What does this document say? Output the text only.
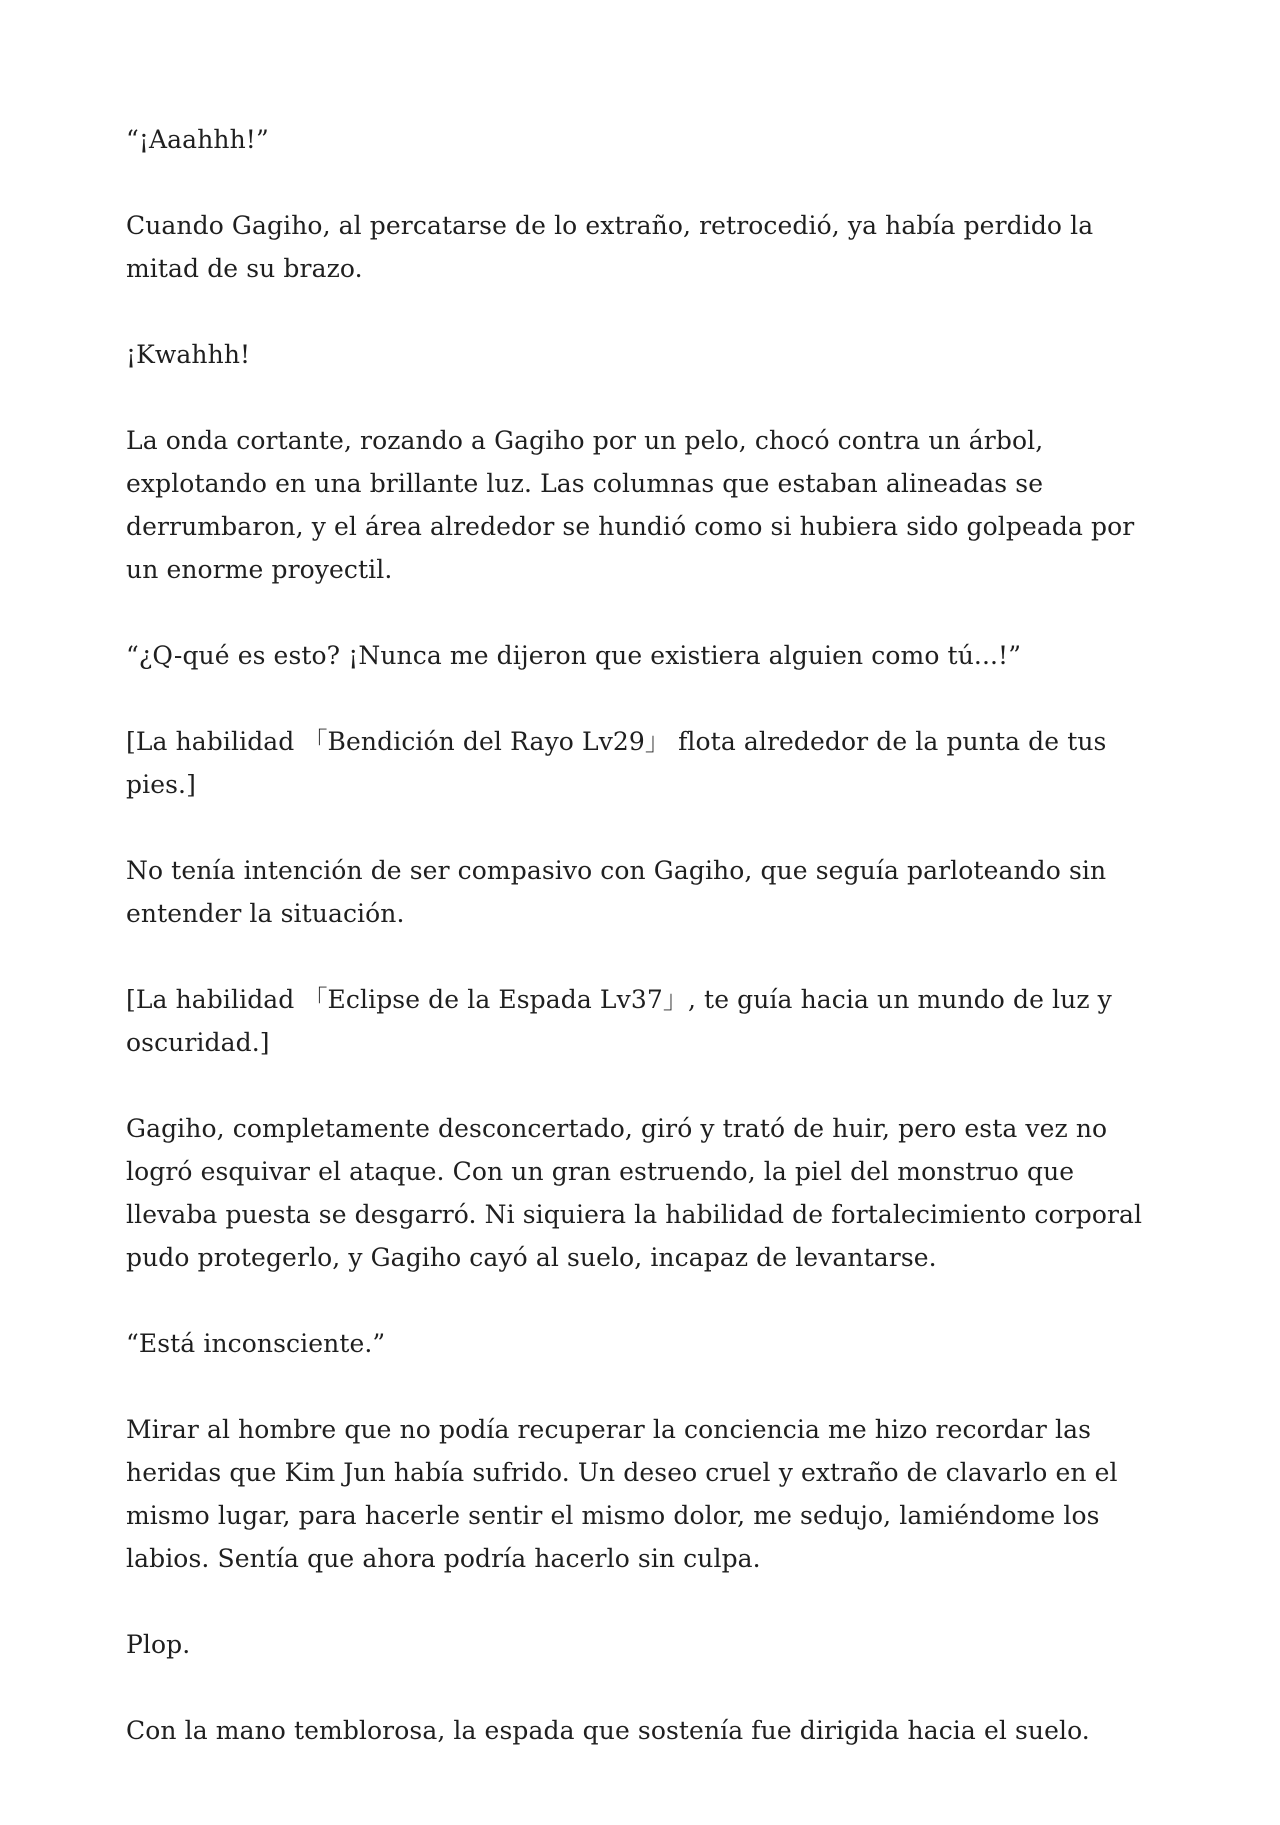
“¡Aaahhh!”

Cuando Gagiho, al percatarse de lo extraño, retrocedió, ya había perdido la mitad de su brazo.

¡Kwahhh!

La onda cortante, rozando a Gagiho por un pelo, chocó contra un árbol, explotando en una brillante luz. Las columnas que estaban alineadas se derrumbaron, y el área alrededor se hundió como si hubiera sido golpeada por un enorme proyectil.

“¿Q-qué es esto? ¡Nunca me dijeron que existiera alguien como tú...!”

[La habilidad 「Bendición del Rayo Lv29」 flota alrededor de la punta de tus pies.]

No tenía intención de ser compasivo con Gagiho, que seguía parloteando sin entender la situación.

[La habilidad 「Eclipse de la Espada Lv37」, te guía hacia un mundo de luz y oscuridad.]

Gagiho, completamente desconcertado, giró y trató de huir, pero esta vez no logró esquivar el ataque. Con un gran estruendo, la piel del monstruo que llevaba puesta se desgarró. Ni siquiera la habilidad de fortalecimiento corporal pudo protegerlo, y Gagiho cayó al suelo, incapaz de levantarse.

“Está inconsciente.”

Mirar al hombre que no podía recuperar la conciencia me hizo recordar las heridas que Kim Jun había sufrido. Un deseo cruel y extraño de clavarlo en el mismo lugar, para hacerle sentir el mismo dolor, me sedujo, lamiéndome los labios. Sentía que ahora podría hacerlo sin culpa.

Plop.

Con la mano temblorosa, la espada que sostenía fue dirigida hacia el suelo.
